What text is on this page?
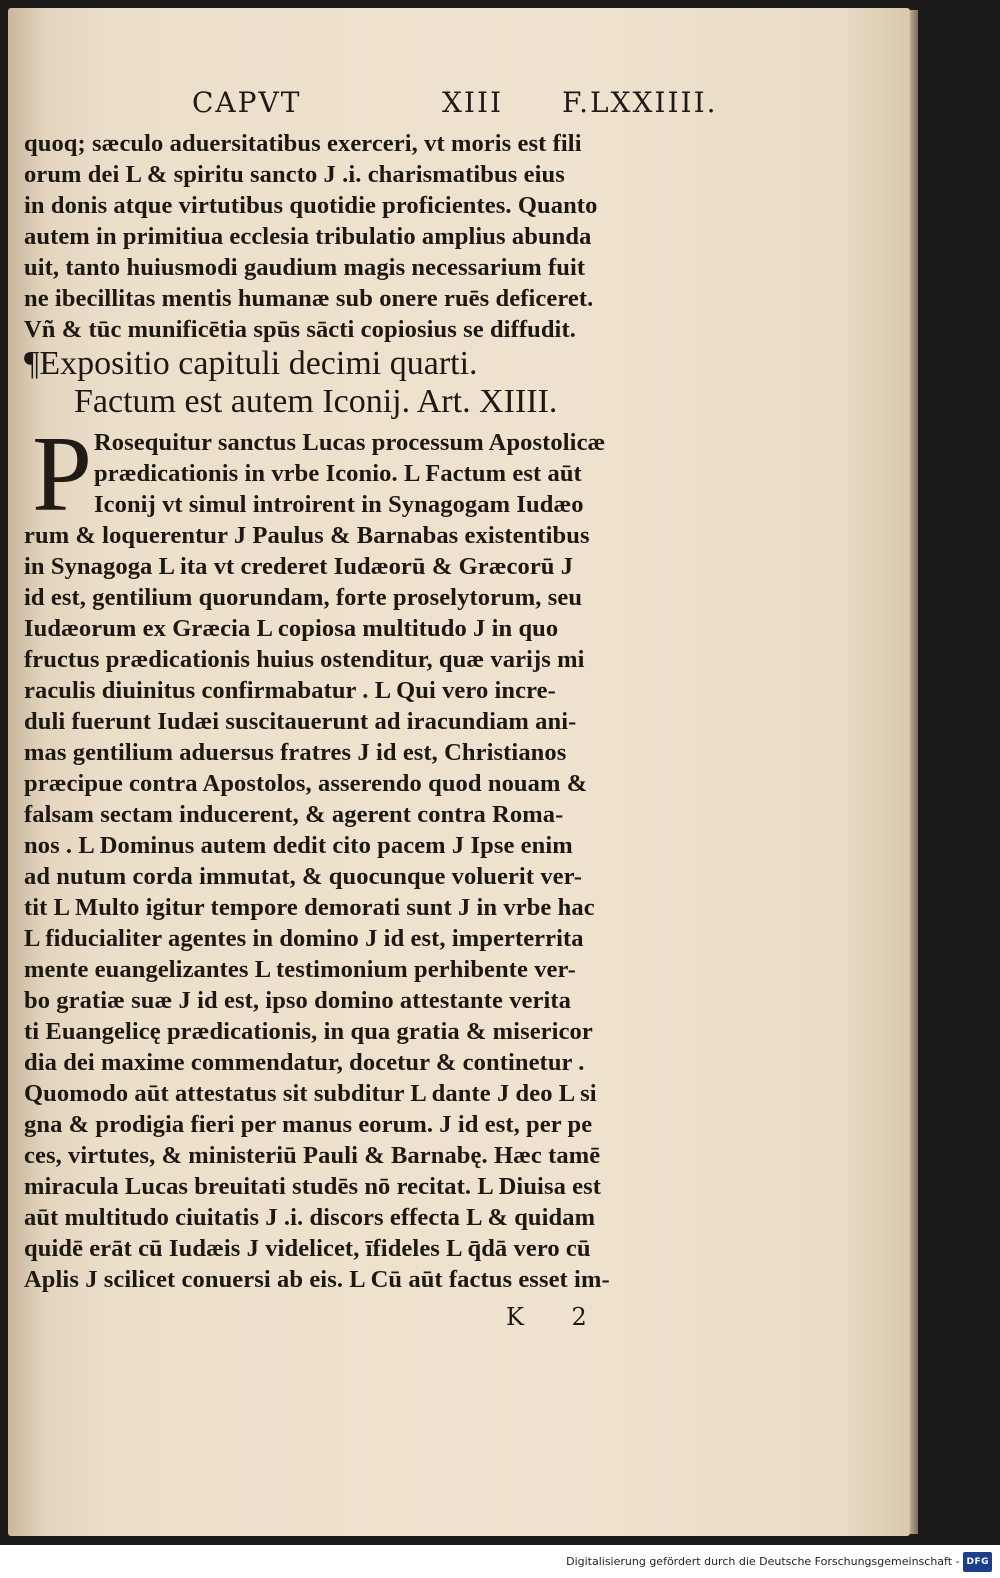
CAPVT	XIII F.LXXIIII.
quoq; sæculo aduersitatibus exerceri, vt moris est fili
orum dei L & spiritu sancto J .i. charismatibus eius
in donis atque virtutibus quotidie proficientes. Quanto
autem in primitiua ecclesia tribulatio amplius abunda
uit, tanto huiusmodi gaudium magis necessarium fuit
ne ibecillitas mentis humanæ sub onere ruēs deficeret.
Vñ & tūc munificētia spūs sācti copiosius se diffudit.
¶Expositio capituli decimi quarti.
Factum est autem Iconij. Art. XIIII.
P Rosequitur sanctus Lucas processum Apostolicæ
prædicationis in vrbe Iconio. L Factum est aūt
Iconij vt simul introirent in Synagogam Iudæo
rum & loquerentur J Paulus & Barnabas existentibus
in Synagoga L ita vt crederet Iudæorū & Græcorū J
id est, gentilium quorundam, forte proselytorum, seu
Iudæorum ex Græcia L copiosa multitudo J in quo
fructus prædicationis huius ostenditur, quæ varijs mi
raculis diuinitus confirmabatur . L Qui vero incre-
duli fuerunt Iudæi suscitauerunt ad iracundiam ani-
mas gentilium aduersus fratres J id est, Christianos
præcipue contra Apostolos, asserendo quod nouam &
falsam sectam inducerent, & agerent contra Roma-
nos . L Dominus autem dedit cito pacem J Ipse enim
ad nutum corda immutat, & quocunque voluerit ver-
tit L Multo igitur tempore demorati sunt J in vrbe hac
L fiducialiter agentes in domino J id est, imperterrita
mente euangelizantes L testimonium perhibente ver-
bo gratiæ suæ J id est, ipso domino attestante verita
ti Euangelicę prædicationis, in qua gratia & misericor
dia dei maxime commendatur, docetur & continetur .
Quomodo aūt attestatus sit subditur L dante J deo L si
gna & prodigia fieri per manus eorum. J id est, per pe
ces, virtutes, & ministeriū Pauli & Barnabę. Hæc tamē
miracula Lucas breuitati studēs nō recitat. L Diuisa est
aūt multitudo ciuitatis J .i. discors effecta L & quidam
quidē erāt cū Iudæis J videlicet, īfideles L q̄dā vero cū
Aplis J scilicet conuersi ab eis. L Cū aūt factus esset im-
K 2
Digitalisierung gefördert durch die Deutsche Forschungsgemeinschaft - DFG
